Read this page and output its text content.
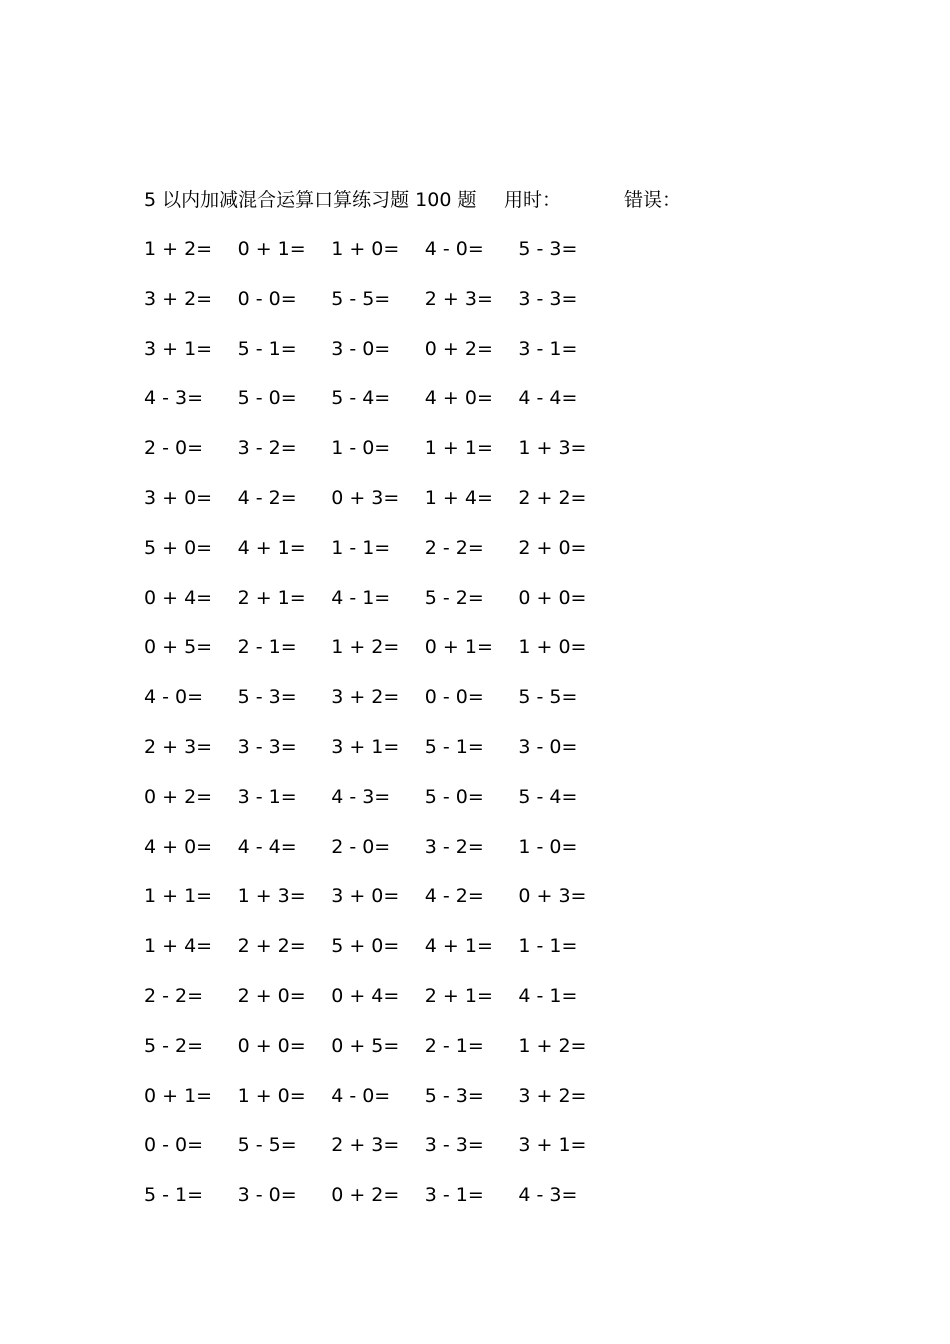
5 以内加减混合运算口算练习题 100 题 用时：	错误：
1 + 2=	0 + 1=	1 + 0=	4 - 0=	5 - 3=
3 + 2=	0 - 0=	5 - 5=	2 + 3=	3 - 3=
3 + 1=	5 - 1=	3 - 0=	0 + 2=	3 - 1=
4 - 3=	5 - 0=	5 - 4=	4 + 0=	4 - 4=
2 - 0=	3 - 2=	1 - 0=	1 + 1=	1 + 3=
3 + 0=	4 - 2=	0 + 3=	1 + 4=	2 + 2=
5 + 0=	4 + 1=	1 - 1=	2 - 2=	2 + 0=
0 + 4=	2 + 1=	4 - 1=	5 - 2=	0 + 0=
0 + 5=	2 - 1=	1 + 2=	0 + 1=	1 + 0=
4 - 0=	5 - 3=	3 + 2=	0 - 0=	5 - 5=
2 + 3=	3 - 3=	3 + 1=	5 - 1=	3 - 0=
0 + 2=	3 - 1=	4 - 3=	5 - 0=	5 - 4=
4 + 0=	4 - 4=	2 - 0=	3 - 2=	1 - 0=
1 + 1=	1 + 3=	3 + 0=	4 - 2=	0 + 3=
1 + 4=	2 + 2=	5 + 0=	4 + 1=	1 - 1=
2 - 2=	2 + 0=	0 + 4=	2 + 1=	4 - 1=
5 - 2=	0 + 0=	0 + 5=	2 - 1=	1 + 2=
0 + 1=	1 + 0=	4 - 0=	5 - 3=	3 + 2=
0 - 0=	5 - 5=	2 + 3=	3 - 3=	3 + 1=
5 - 1=	3 - 0=	0 + 2=	3 - 1=	4 - 3=
